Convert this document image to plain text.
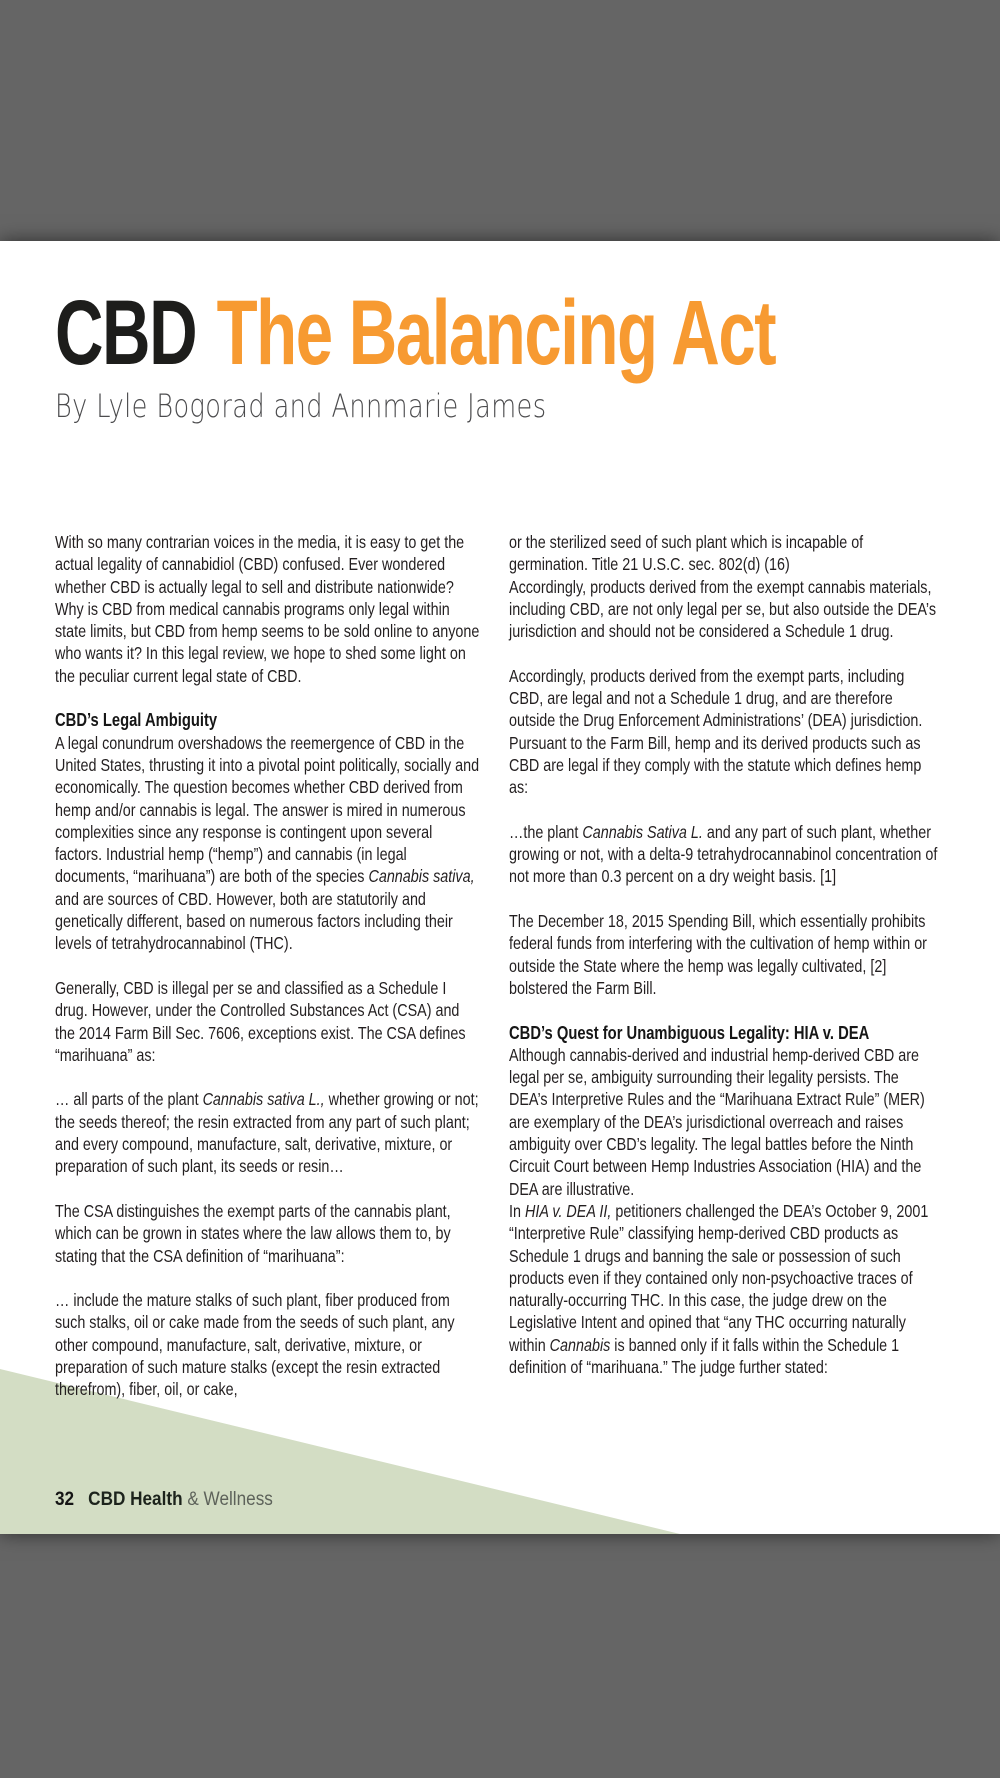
CBD The Balancing Act
By Lyle Bogorad and Annmarie James

With so many contrarian voices in the media, it is easy to get the actual legality of cannabidiol (CBD) confused. Ever wondered whether CBD is actually legal to sell and distribute nationwide? Why is CBD from medical cannabis programs only legal within state limits, but CBD from hemp seems to be sold online to anyone who wants it? In this legal review, we hope to shed some light on the peculiar current legal state of CBD.

CBD’s Legal Ambiguity

A legal conundrum overshadows the reemergence of CBD in the United States, thrusting it into a pivotal point politically, socially and economically. The question becomes whether CBD derived from hemp and/or cannabis is legal. The answer is mired in numerous complexities since any response is contingent upon several factors. Industrial hemp (“hemp”) and cannabis (in legal documents, “marihuana”) are both of the species Cannabis sativa, and are sources of CBD. However, both are statutorily and genetically different, based on numerous factors including their levels of tetrahydrocannabinol (THC).

Generally, CBD is illegal per se and classified as a Schedule I drug. However, under the Controlled Substances Act (CSA) and the 2014 Farm Bill Sec. 7606, exceptions exist. The CSA defines “marihuana” as:

… all parts of the plant Cannabis sativa L., whether growing or not; the seeds thereof; the resin extracted from any part of such plant; and every compound, manufacture, salt, derivative, mixture, or preparation of such plant, its seeds or resin…

The CSA distinguishes the exempt parts of the cannabis plant, which can be grown in states where the law allows them to, by stating that the CSA definition of “marihuana”:

… include the mature stalks of such plant, fiber produced from such stalks, oil or cake made from the seeds of such plant, any other compound, manufacture, salt, derivative, mixture, or preparation of such mature stalks (except the resin extracted therefrom), fiber, oil, or cake,

or the sterilized seed of such plant which is incapable of germination. Title 21 U.S.C. sec. 802(d) (16)
Accordingly, products derived from the exempt cannabis materials, including CBD, are not only legal per se, but also outside the DEA’s jurisdiction and should not be considered a Schedule 1 drug.

Accordingly, products derived from the exempt parts, including CBD, are legal and not a Schedule 1 drug, and are therefore outside the Drug Enforcement Administrations’ (DEA) jurisdiction. Pursuant to the Farm Bill, hemp and its derived products such as CBD are legal if they comply with the statute which defines hemp as:

…the plant Cannabis Sativa L. and any part of such plant, whether growing or not, with a delta-9 tetrahydrocannabinol concentration of not more than 0.3 percent on a dry weight basis. [1]

The December 18, 2015 Spending Bill, which essentially prohibits federal funds from interfering with the cultivation of hemp within or outside the State where the hemp was legally cultivated, [2] bolstered the Farm Bill.

CBD’s Quest for Unambiguous Legality: HIA v. DEA

Although cannabis-derived and industrial hemp-derived CBD are legal per se, ambiguity surrounding their legality persists. The DEA’s Interpretive Rules and the “Marihuana Extract Rule” (MER) are exemplary of the DEA’s jurisdictional overreach and raises ambiguity over CBD’s legality. The legal battles before the Ninth Circuit Court between Hemp Industries Association (HIA) and the DEA are illustrative.
In HIA v. DEA II, petitioners challenged the DEA’s October 9, 2001 “Interpretive Rule” classifying hemp-derived CBD products as Schedule 1 drugs and banning the sale or possession of such products even if they contained only non-psychoactive traces of naturally-occurring THC. In this case, the judge drew on the Legislative Intent and opined that “any THC occurring naturally within Cannabis is banned only if it falls within the Schedule 1 definition of “marihuana.” The judge further stated:

32 CBD Health & Wellness
